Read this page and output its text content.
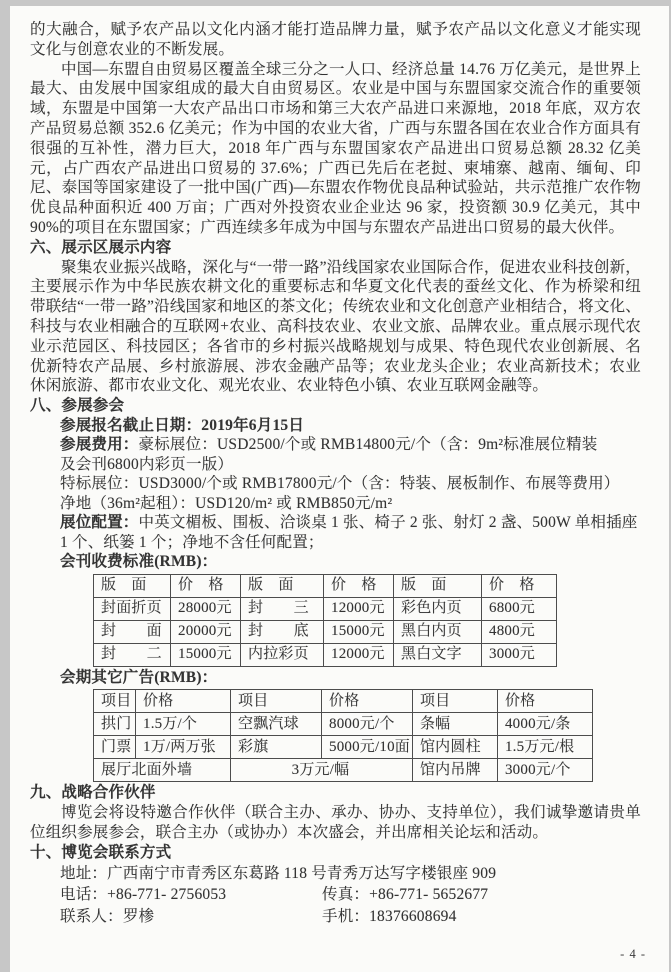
的大融合，赋予农产品以文化内涵才能打造品牌力量，赋予农产品以文化意义才能实现文化与创意农业的不断发展。

中国—东盟自由贸易区覆盖全球三分之一人口、经济总量 14.76 万亿美元，是世界上最大、由发展中国家组成的最大自由贸易区。农业是中国与东盟国家交流合作的重要领域，东盟是中国第一大农产品出口市场和第三大农产品进口来源地，2018 年底，双方农产品贸易总额 352.6 亿美元；作为中国的农业大省，广西与东盟各国在农业合作方面具有很强的互补性，潜力巨大，2018 年广西与东盟国家农产品进出口贸易总额 28.32 亿美元，占广西农产品进出口贸易的 37.6%；广西已先后在老挝、柬埔寨、越南、缅甸、印尼、泰国等国家建设了一批中国(广西)—东盟农作物优良品种试验站，共示范推广农作物优良品种面积近 400 万亩；广西对外投资农业企业达 96 家，投资额 30.9 亿美元，其中 90%的项目在东盟国家；广西连续多年成为中国与东盟农产品进出口贸易的最大伙伴。

六、展示区展示内容

聚集农业振兴战略，深化与“一带一路”沿线国家农业国际合作，促进农业科技创新，主要展示作为中华民族农耕文化的重要标志和华夏文化代表的蚕丝文化、作为桥梁和纽带联结“一带一路”沿线国家和地区的茶文化；传统农业和文化创意产业相结合，将文化、科技与农业相融合的互联网+农业、高科技农业、农业文旅、品牌农业。重点展示现代农业示范园区、科技园区；各省市的乡村振兴战略规划与成果、特色现代农业创新展、名优新特农产品展、乡村旅游展、涉农金融产品等；农业龙头企业；农业高新技术；农业休闲旅游、都市农业文化、观光农业、农业特色小镇、农业互联网金融等。

八、参展参会
参展报名截止日期：2019年6月15日
参展费用：豪标展位：USD2500/个或 RMB14800元/个（含：9m²标准展位精装
及会刊6800内彩页一版）
特标展位：USD3000/个或 RMB17800元/个（含：特装、展板制作、布展等费用）
净地（36m²起租）：USD120/m² 或 RMB850元/m²
展位配置：中英文楣板、围板、洽谈桌 1 张、椅子 2 张、射灯 2 盏、500W 单相插座
1 个、纸篓 1 个；净地不含任何配置；
会刊收费标准(RMB)：
版　面	价　格	版　面	价　格	版　面	价　格
封面折页	28000元	封　　三	12000元	彩色内页	6800元
封　　面	20000元	封　　底	15000元	黑白内页	4800元
封　　二	15000元	内拉彩页	12000元	黑白文字	3000元
会期其它广告(RMB)：
项目	价格	项目	价格	项目	价格
拱门	1.5万/个	空飘汽球	8000元/个	条幅	4000元/条
门票	1万/两万张	彩旗	5000元/10面	馆内圆柱	1.5万元/根
展厅北面外墙		3万元/幅		馆内吊牌	3000元/个
九、战略合作伙伴

博览会将设特邀合作伙伴（联合主办、承办、协办、支持单位），我们诚挚邀请贵单位组织参展参会，联合主办（或协办）本次盛会，并出席相关论坛和活动。

十、博览会联系方式
地址：广西南宁市青秀区东葛路 118 号青秀万达写字楼银座 909
电话：+86-771- 2756053	传真：+86-771- 5652677
联系人：罗椮	手机：18376608694
- 4 -
